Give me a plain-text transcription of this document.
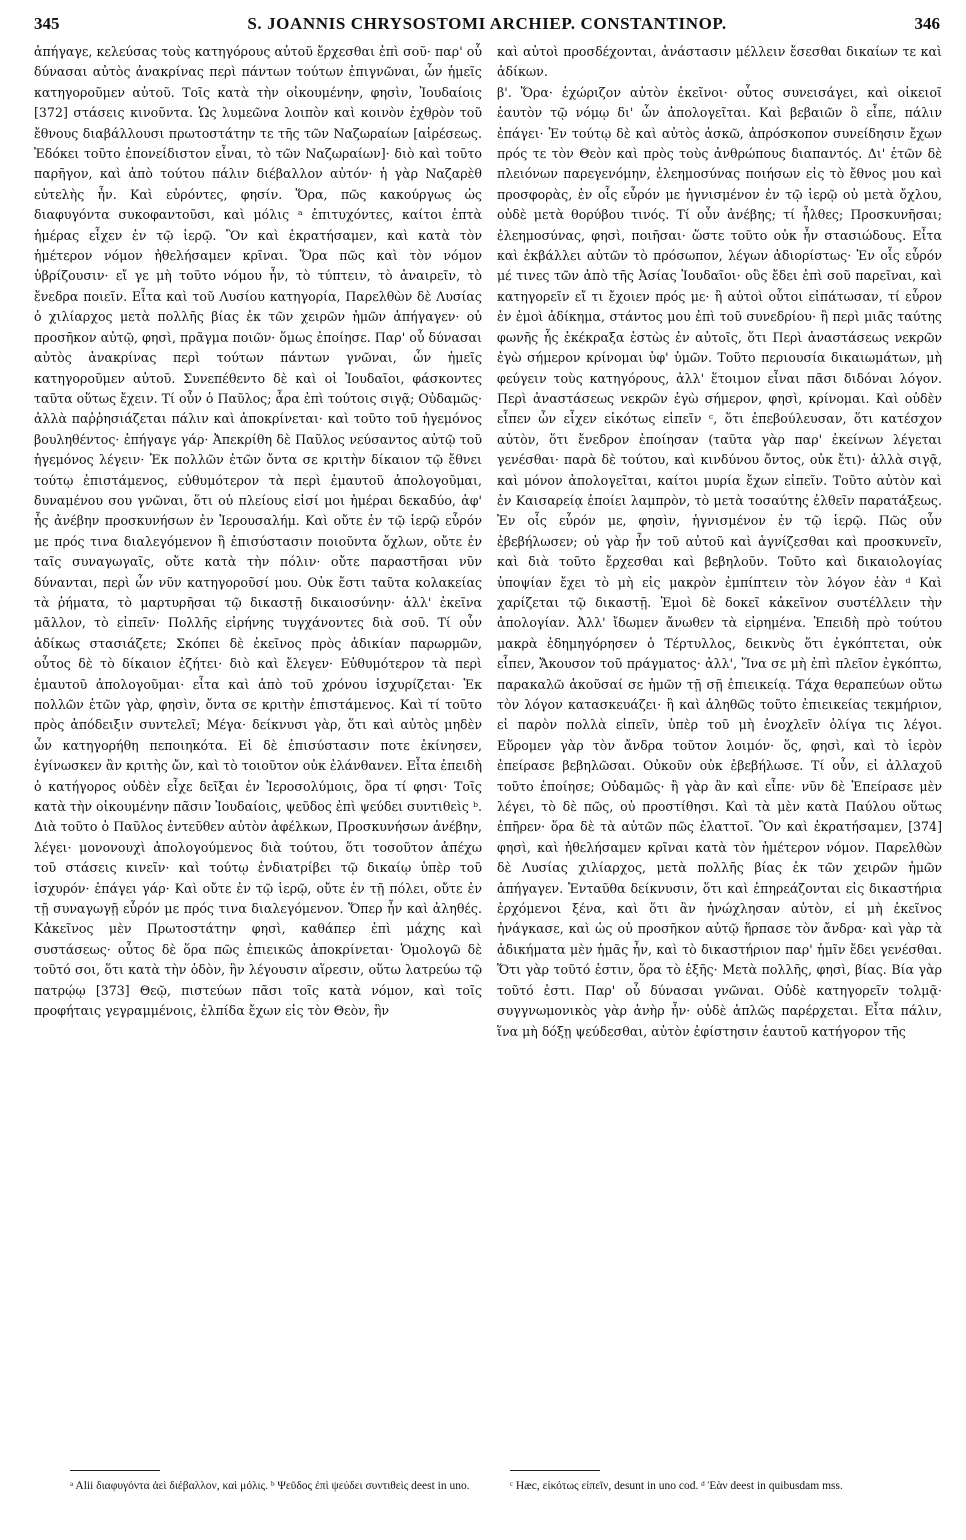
345	S. JOANNIS CHRYSOSTOMI ARCHIEP. CONSTANTINOP.	346

ἀπήγαγε, κελεύσας τοὺς κατηγόρους αὐτοῦ ἔρχεσθαι ἐπὶ σοῦ· παρ' οὗ δύνασαι αὐτὸς ἀνακρίνας περὶ πάντων τούτων ἐπιγνῶναι, ὧν ἡμεῖς κατηγοροῦμεν αὐτοῦ. Τοῖς κατὰ τὴν οἰκουμένην, φησὶν, Ἰουδαίοις [372] στάσεις κινοῦντα. Ὡς λυμεῶνα λοιπὸν καὶ κοινὸν ἐχθρὸν τοῦ ἔθνους διαβάλλουσι πρωτοστάτην τε τῆς τῶν Ναζωραίων [αἱρέσεως. Ἐδόκει τοῦτο ἐπονείδιστον εἶναι, τὸ τῶν Ναζωραίων]· διὸ καὶ τοῦτο παρῆγον, καὶ ἀπὸ τούτου πάλιν διέβαλλον αὐτόν· ἡ γὰρ Ναζαρὲθ εὐτελὴς ἦν. Καὶ εὑρόντες, φησίν. Ὅρα, πῶς κακούργως ὡς διαφυγόντα συκοφαντοῦσι, καὶ μόλις ᵃ ἐπιτυχόντες, καίτοι ἑπτὰ ἡμέρας εἶχεν ἐν τῷ ἱερῷ. Ὃν καὶ ἐκρατήσαμεν, καὶ κατὰ τὸν ἡμέτερον νόμον ἠθελήσαμεν κρῖναι. Ὅρα πῶς καὶ τὸν νόμον ὑβρίζουσιν· εἴ γε μὴ τοῦτο νόμου ἦν, τὸ τύπτειν, τὸ ἀναιρεῖν, τὸ ἔνεδρα ποιεῖν. Εἶτα καὶ τοῦ Λυσίου κατηγορία, Παρελθὼν δὲ Λυσίας ὁ χιλίαρχος μετὰ πολλῆς βίας ἐκ τῶν χειρῶν ἡμῶν ἀπήγαγεν· οὐ προσῆκον αὐτῷ, φησὶ, πρᾶγμα ποιῶν· ὅμως ἐποίησε. Παρ' οὗ δύνασαι αὐτὸς ἀνακρίνας περὶ τούτων πάντων γνῶναι, ὧν ἡμεῖς κατηγοροῦμεν αὐτοῦ. Συνεπέθεντο δὲ καὶ οἱ Ἰουδαῖοι, φάσκοντες ταῦτα οὕτως ἔχειν. Τί οὖν ὁ Παῦλος; ἆρα ἐπὶ τούτοις σιγᾷ; Οὐδαμῶς· ἀλλὰ παῤῥησιάζεται πάλιν καὶ ἀποκρίνεται· καὶ τοῦτο τοῦ ἡγεμόνος βουληθέντος· ἐπήγαγε γάρ· Ἀπεκρίθη δὲ Παῦλος νεύσαντος αὐτῷ τοῦ ἡγεμόνος λέγειν· Ἐκ πολλῶν ἐτῶν ὄντα σε κριτὴν δίκαιον τῷ ἔθνει τούτῳ ἐπιστάμενος, εὐθυμότερον τὰ περὶ ἐμαυτοῦ ἀπολογοῦμαι, δυναμένου σου γνῶναι, ὅτι οὐ πλείους εἰσί μοι ἡμέραι δεκαδύο, ἀφ' ἧς ἀνέβην προσκυνήσων ἐν Ἱερουσαλήμ. Καὶ οὔτε ἐν τῷ ἱερῷ εὗρόν με πρός τινα διαλεγόμενον ἢ ἐπισύστασιν ποιοῦντα ὄχλων, οὔτε ἐν ταῖς συναγωγαῖς, οὔτε κατὰ τὴν πόλιν· οὔτε παραστῆσαι νῦν δύνανται, περὶ ὧν νῦν κατηγοροῦσί μου. Οὐκ ἔστι ταῦτα κολακείας τὰ ῥήματα, τὸ μαρτυρῆσαι τῷ δικαστῇ δικαιοσύνην· ἀλλ' ἐκεῖνα μᾶλλον, τὸ εἰπεῖν· Πολλῆς εἰρήνης τυγχάνοντες διὰ σοῦ. Τί οὖν ἀδίκως στασιάζετε; Σκόπει δὲ ἐκεῖνος πρὸς ἀδικίαν παρωρμῶν, οὗτος δὲ τὸ δίκαιον ἐζήτει· διὸ καὶ ἔλεγεν· Εὐθυμότερον τὰ περὶ ἐμαυτοῦ ἀπολογοῦμαι· εἶτα καὶ ἀπὸ τοῦ χρόνου ἰσχυρίζεται· Ἐκ πολλῶν ἐτῶν γὰρ, φησὶν, ὄντα σε κριτὴν ἐπιστάμενος. Καὶ τί τοῦτο πρὸς ἀπόδειξιν συντελεῖ; Μέγα· δείκνυσι γὰρ, ὅτι καὶ αὐτὸς μηδὲν ὧν κατηγορήθη πεποιηκότα. Εἰ δὲ ἐπισύστασιν ποτε ἐκίνησεν, ἐγίνωσκεν ἂν κριτὴς ὤν, καὶ τὸ τοιοῦτον οὐκ ἐλάνθανεν. Εἶτα ἐπειδὴ ὁ κατήγορος οὐδὲν εἶχε δεῖξαι ἐν Ἱεροσολύμοις, ὅρα τί φησι· Τοῖς κατὰ τὴν οἰκουμένην πᾶσιν Ἰουδαίοις, ψεῦδος ἐπὶ ψεύδει συντιθεὶς ᵇ. Διὰ τοῦτο ὁ Παῦλος ἐντεῦθεν αὐτὸν ἀφέλκων, Προσκυνήσων ἀνέβην, λέγει· μονονουχὶ ἀπολογούμενος διὰ τούτου, ὅτι τοσοῦτον ἀπέχω τοῦ στάσεις κινεῖν· καὶ τούτῳ ἐνδιατρίβει τῷ δικαίῳ ὑπὲρ τοῦ ἰσχυρόν· ἐπάγει γάρ· Καὶ οὔτε ἐν τῷ ἱερῷ, οὔτε ἐν τῇ πόλει, οὔτε ἐν τῇ συναγωγῇ εὗρόν με πρός τινα διαλεγόμενον. Ὅπερ ἦν καὶ ἀληθές. Κἀκεῖνος μὲν Πρωτοστάτην φησὶ, καθάπερ ἐπὶ μάχης καὶ συστάσεως· οὗτος δὲ ὅρα πῶς ἐπιεικῶς ἀποκρίνεται· Ὁμολογῶ δὲ τοῦτό σοι, ὅτι κατὰ τὴν ὁδὸν, ἣν λέγουσιν αἵρεσιν, οὕτω λατρεύω τῷ πατρῴῳ [373] Θεῷ, πιστεύων πᾶσι τοῖς κατὰ νόμον, καὶ τοῖς προφήταις γεγραμμένοις, ἐλπίδα ἔχων εἰς τὸν Θεὸν, ἣν

καὶ αὐτοὶ προσδέχονται, ἀνάστασιν μέλλειν ἔσεσθαι δικαίων τε καὶ ἀδίκων.

β'. Ὅρα· ἐχώριζον αὐτὸν ἐκεῖνοι· οὗτος συνεισάγει, καὶ οἰκειοῖ ἑαυτὸν τῷ νόμῳ δι' ὧν ἀπολογεῖται. Καὶ βεβαιῶν ὃ εἶπε, πάλιν ἐπάγει· Ἐν τούτῳ δὲ καὶ αὐτὸς ἀσκῶ, ἀπρόσκοπον συνείδησιν ἔχων πρός τε τὸν Θεὸν καὶ πρὸς τοὺς ἀνθρώπους διαπαντός. Δι' ἐτῶν δὲ πλειόνων παρεγενόμην, ἐλεημοσύνας ποιήσων εἰς τὸ ἔθνος μου καὶ προσφορὰς, ἐν οἷς εὗρόν με ἡγνισμένον ἐν τῷ ἱερῷ οὐ μετὰ ὄχλου, οὐδὲ μετὰ θορύβου τινός. Τί οὖν ἀνέβης; τί ἦλθες; Προσκυνῆσαι; ἐλεημοσύνας, φησὶ, ποιῆσαι· ὥστε τοῦτο οὐκ ἦν στασιώδους. Εἶτα καὶ ἐκβάλλει αὐτῶν τὸ πρόσωπον, λέγων ἀδιορίστως· Ἐν οἷς εὗρόν μέ τινες τῶν ἀπὸ τῆς Ἀσίας Ἰουδαῖοι· οὓς ἔδει ἐπὶ σοῦ παρεῖναι, καὶ κατηγορεῖν εἴ τι ἔχοιεν πρός με· ἢ αὐτοὶ οὗτοι εἰπάτωσαν, τί εὗρον ἐν ἐμοὶ ἀδίκημα, στάντος μου ἐπὶ τοῦ συνεδρίου· ἢ περὶ μιᾶς ταύτης φωνῆς ἧς ἐκέκραξα ἑστὼς ἐν αὐτοῖς, ὅτι Περὶ ἀναστάσεως νεκρῶν ἐγὼ σήμερον κρίνομαι ὑφ' ὑμῶν. Τοῦτο περιουσία δικαιωμάτων, μὴ φεύγειν τοὺς κατηγόρους, ἀλλ' ἕτοιμον εἶναι πᾶσι διδόναι λόγον. Περὶ ἀναστάσεως νεκρῶν ἐγὼ σήμερον, φησὶ, κρίνομαι. Καὶ οὐδὲν εἶπεν ὧν εἶχεν εἰκότως εἰπεῖν ᶜ, ὅτι ἐπεβούλευσαν, ὅτι κατέσχον αὐτὸν, ὅτι ἔνεδρον ἐποίησαν (ταῦτα γὰρ παρ' ἐκείνων λέγεται γενέσθαι· παρὰ δὲ τούτου, καὶ κινδύνου ὄντος, οὐκ ἔτι)· ἀλλὰ σιγᾷ, καὶ μόνον ἀπολογεῖται, καίτοι μυρία ἔχων εἰπεῖν. Τοῦτο αὐτὸν καὶ ἐν Καισαρείᾳ ἐποίει λαμπρὸν, τὸ μετὰ τοσαύτης ἐλθεῖν παρατάξεως. Ἐν οἷς εὗρόν με, φησὶν, ἡγνισμένον ἐν τῷ ἱερῷ. Πῶς οὖν ἐβεβήλωσεν; οὐ γὰρ ἦν τοῦ αὐτοῦ καὶ ἁγνίζεσθαι καὶ προσκυνεῖν, καὶ διὰ τοῦτο ἔρχεσθαι καὶ βεβηλοῦν. Τοῦτο καὶ δικαιολογίας ὑποψίαν ἔχει τὸ μὴ εἰς μακρὸν ἐμπίπτειν τὸν λόγον ἐὰν ᵈ Καὶ χαρίζεται τῷ δικαστῇ. Ἐμοὶ δὲ δοκεῖ κἀκεῖνον συστέλλειν τὴν ἀπολογίαν. Ἀλλ' ἴδωμεν ἄνωθεν τὰ εἰρημένα. Ἐπειδὴ πρὸ τούτου μακρὰ ἐδημηγόρησεν ὁ Τέρτυλλος, δεικνὺς ὅτι ἐγκόπτεται, οὐκ εἶπεν, Ἄκουσον τοῦ πράγματος· ἀλλ', Ἵνα σε μὴ ἐπὶ πλεῖον ἐγκόπτω, παρακαλῶ ἀκοῦσαί σε ἡμῶν τῇ σῇ ἐπιεικείᾳ. Τάχα θεραπεύων οὕτω τὸν λόγον κατασκευάζει· ἢ καὶ ἀληθῶς τοῦτο ἐπιεικείας τεκμήριον, εἰ παρὸν πολλὰ εἰπεῖν, ὑπὲρ τοῦ μὴ ἐνοχλεῖν ὀλίγα τις λέγοι. Εὕρομεν γὰρ τὸν ἄνδρα τοῦτον λοιμόν· ὅς, φησὶ, καὶ τὸ ἱερὸν ἐπείρασε βεβηλῶσαι. Οὐκοῦν οὐκ ἐβεβήλωσε. Τί οὖν, εἰ ἀλλαχοῦ τοῦτο ἐποίησε; Οὐδαμῶς· ἢ γὰρ ἂν καὶ εἶπε· νῦν δὲ Ἐπείρασε μὲν λέγει, τὸ δὲ πῶς, οὐ προστίθησι. Καὶ τὰ μὲν κατὰ Παύλου οὕτως ἐπῆρεν· ὅρα δὲ τὰ αὐτῶν πῶς ἐλαττοῖ. Ὃν καὶ ἐκρατήσαμεν, [374] φησὶ, καὶ ἠθελήσαμεν κρῖναι κατὰ τὸν ἡμέτερον νόμον. Παρελθὼν δὲ Λυσίας χιλίαρχος, μετὰ πολλῆς βίας ἐκ τῶν χειρῶν ἡμῶν ἀπήγαγεν. Ἐνταῦθα δείκνυσιν, ὅτι καὶ ἐπηρεάζονται εἰς δικαστήρια ἐρχόμενοι ξένα, καὶ ὅτι ἂν ἠνώχλησαν αὐτὸν, εἰ μὴ ἐκεῖνος ἠνάγκασε, καὶ ὡς οὐ προσῆκον αὐτῷ ἥρπασε τὸν ἄνδρα· καὶ γὰρ τὰ ἀδικήματα μὲν ἡμᾶς ἦν, καὶ τὸ δικαστήριον παρ' ἡμῖν ἔδει γενέσθαι. Ὅτι γὰρ τοῦτό ἐστιν, ὅρα τὸ ἑξῆς· Μετὰ πολλῆς, φησὶ, βίας. Βία γὰρ τοῦτό ἐστι. Παρ' οὗ δύνασαι γνῶναι. Οὐδὲ κατηγορεῖν τολμᾷ· συγγνωμονικὸς γὰρ ἀνὴρ ἦν· οὐδὲ ἁπλῶς παρέρχεται. Εἶτα πάλιν, ἵνα μὴ δόξῃ ψεύδεσθαι, αὐτὸν ἐφίστησιν ἑαυτοῦ κατήγορον τῆς

ᵃ Alii διαφυγόντα ἀεὶ διέβαλλον, καὶ μόλις. ᵇ Ψεῦδος ἐπὶ ψεύδει συντιθεὶς deest in uno.	ᶜ Hæc, εἰκότως εἰπεῖν, desunt in uno cod. ᵈ Ἐὰν deest in quibusdam mss.
